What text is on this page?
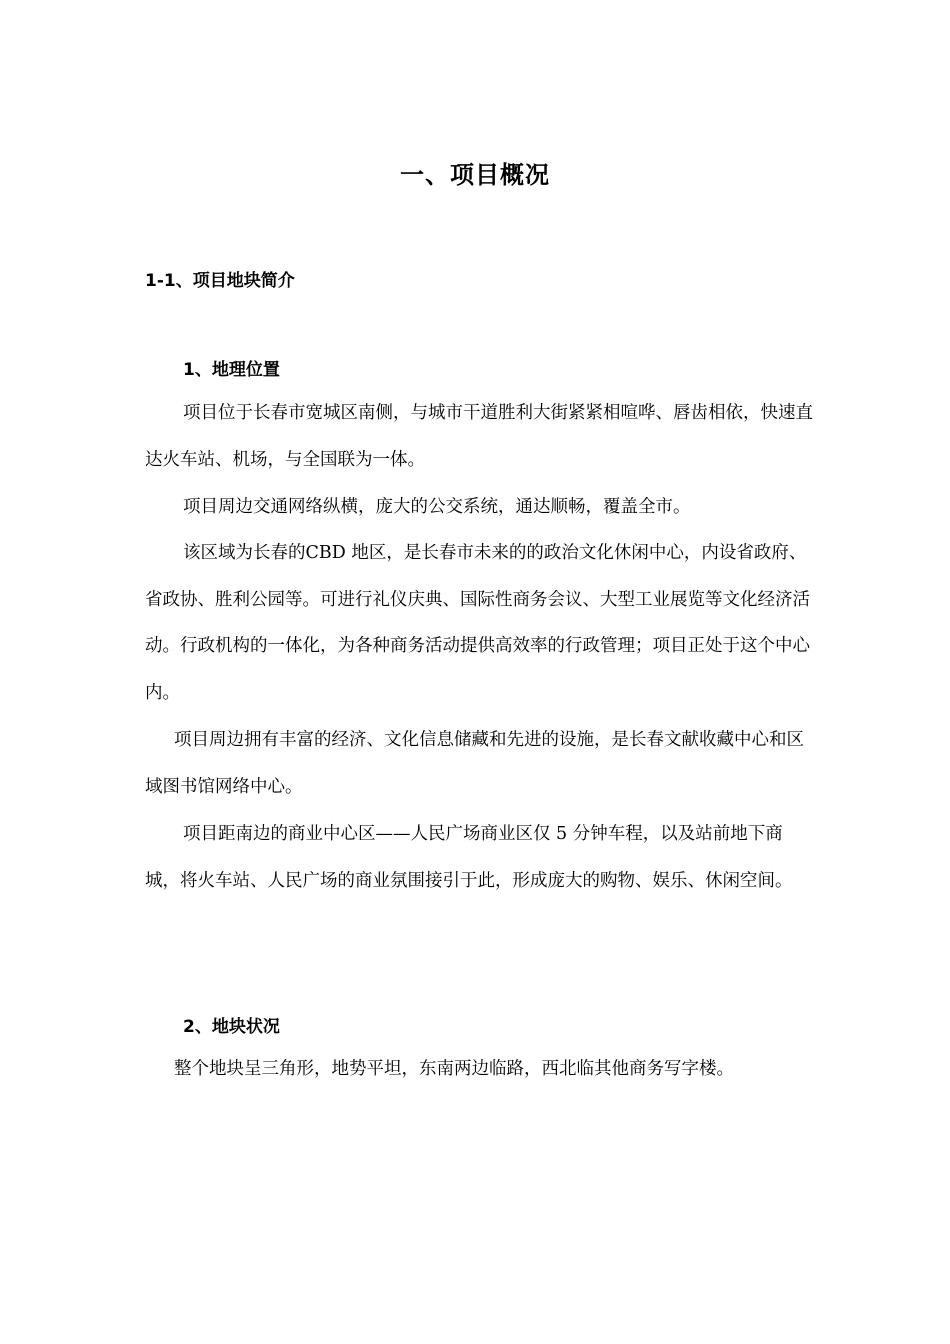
一、项目概况
1-1、项目地块简介
1、地理位置

项目位于长春市宽城区南侧，与城市干道胜利大街紧紧相喧哗、唇齿相依，快速直达火车站、机场，与全国联为一体。

项目周边交通网络纵横，庞大的公交系统，通达顺畅，覆盖全市。

该区域为长春的CBD 地区，是长春市未来的的政治文化休闲中心，内设省政府、省政协、胜利公园等。可进行礼仪庆典、国际性商务会议、大型工业展览等文化经济活动。行政机构的一体化，为各种商务活动提供高效率的行政管理；项目正处于这个中心内。

项目周边拥有丰富的经济、文化信息储藏和先进的设施，是长春文献收藏中心和区域图书馆网络中心。

项目距南边的商业中心区——人民广场商业区仅 5 分钟车程，以及站前地下商城，将火车站、人民广场的商业氛围接引于此，形成庞大的购物、娱乐、休闲空间。

2、地块状况

整个地块呈三角形，地势平坦，东南两边临路，西北临其他商务写字楼。
